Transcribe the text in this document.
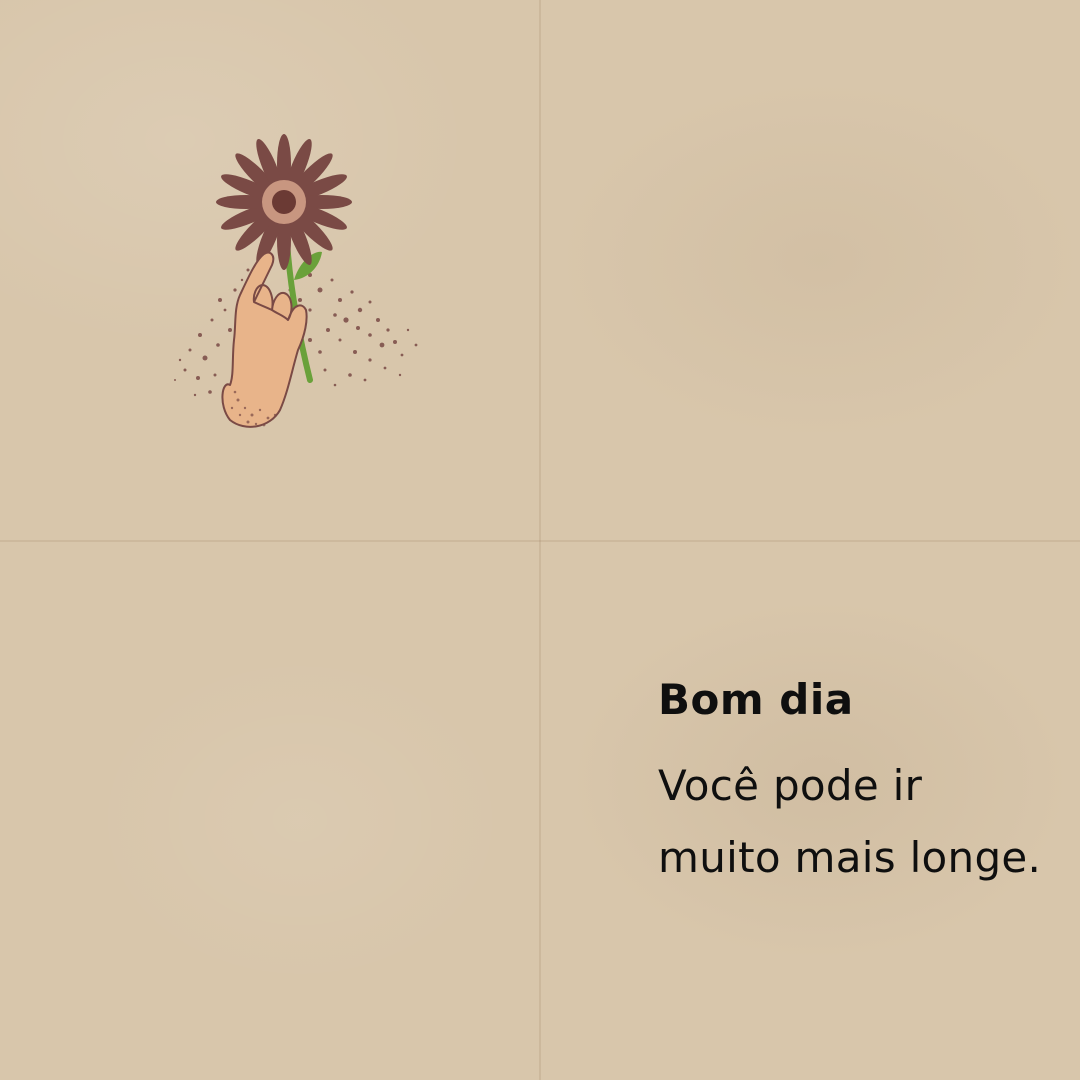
Bom dia
Você pode ir
muito mais longe.
